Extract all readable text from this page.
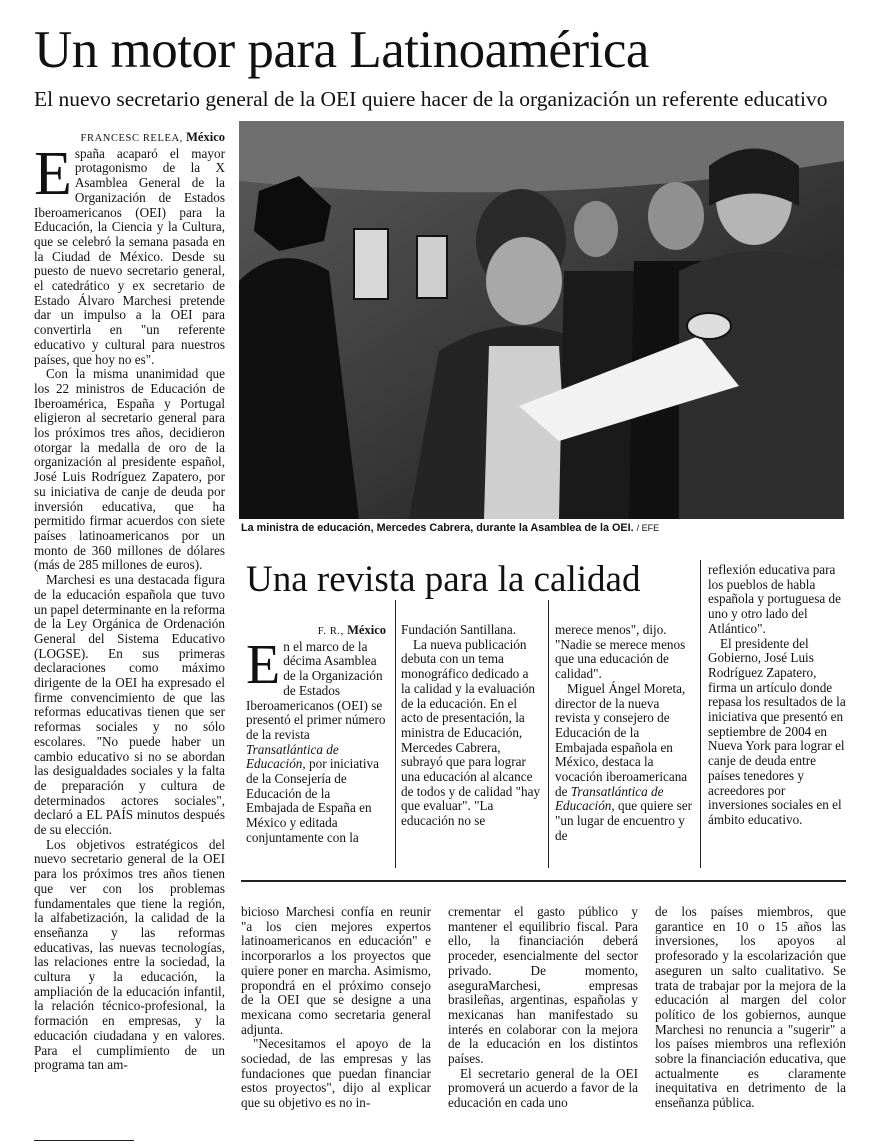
Un motor para Latinoamérica
El nuevo secretario general de la OEI quiere hacer de la organización un referente educativo
FRANCESC RELEA, México
E spaña acaparó el mayor protagonismo de la X Asamblea General de la Organización de Estados Iberoamericanos (OEI) para la Educación, la Ciencia y la Cultura, que se celebró la semana pasada en la Ciudad de México. Desde su puesto de nuevo secretario general, el catedrático y ex secretario de Estado Álvaro Marchesi pretende dar un impulso a la OEI para convertirla en "un referente educativo y cultural para nuestros países, que hoy no es".

Con la misma unanimidad que los 22 ministros de Educación de Iberoamérica, España y Portugal eligieron al secretario general para los próximos tres años, decidieron otorgar la medalla de oro de la organización al presidente español, José Luis Rodríguez Zapatero, por su iniciativa de canje de deuda por inversión educativa, que ha permitido firmar acuerdos con siete países latinoamericanos por un monto de 360 millones de dólares (más de 285 millones de euros).

Marchesi es una destacada figura de la educación española que tuvo un papel determinante en la reforma de la Ley Orgánica de Ordenación General del Sistema Educativo (LOGSE). En sus primeras declaraciones como máximo dirigente de la OEI ha expresado el firme convencimiento de que las reformas educativas tienen que ser reformas sociales y no sólo escolares. "No puede haber un cambio educativo si no se abordan las desigualdades sociales y la falta de preparación y cultura de determinados actores sociales", declaró a EL PAÍS minutos después de su elección.

Los objetivos estratégicos del nuevo secretario general de la OEI para los próximos tres años tienen que ver con los problemas fundamentales que tiene la región, la alfabetización, la calidad de la enseñanza y las reformas educativas, las nuevas tecnologías, las relaciones entre la sociedad, la cultura y la educación, la ampliación de la educación infantil, la relación técnico-profesional, la formación en empresas, y la educación ciudadana y en valores. Para el cumplimiento de un programa tan am-

La ministra de educación, Mercedes Cabrera, durante la Asamblea de la OEI. / EFE
Una revista para la calidad
F. R., México
E n el marco de la décima Asamblea de la Organización de Estados Iberoamericanos (OEI) se presentó el primer número de la revista Transatlántica de Educación, por iniciativa de la Consejería de Educación de la Embajada de España en México y editada conjuntamente con la

Fundación Santillana.

La nueva publicación debuta con un tema monográfico dedicado a la calidad y la evaluación de la educación. En el acto de presentación, la ministra de Educación, Mercedes Cabrera, subrayó que para lograr una educación al alcance de todos y de calidad "hay que evaluar". "La educación no se

merece menos", dijo. "Nadie se merece menos que una educación de calidad".

Miguel Ángel Moreta, director de la nueva revista y consejero de Educación de la Embajada española en México, destaca la vocación iberoamericana de Transatlántica de Educación, que quiere ser "un lugar de encuentro y de

reflexión educativa para los pueblos de habla española y portuguesa de uno y otro lado del Atlántico".

El presidente del Gobierno, José Luis Rodríguez Zapatero, firma un artículo donde repasa los resultados de la iniciativa que presentó en septiembre de 2004 en Nueva York para lograr el canje de deuda entre países tenedores y acreedores por inversiones sociales en el ámbito educativo.

bicioso Marchesi confía en reunir "a los cien mejores expertos latinoamericanos en educación" e incorporarlos a los proyectos que quiere poner en marcha. Asimismo, propondrá en el próximo consejo de la OEI que se designe a una mexicana como secretaria general adjunta.

"Necesitamos el apoyo de la sociedad, de las empresas y las fundaciones que puedan financiar estos proyectos", dijo al explicar que su objetivo es no in-

crementar el gasto público y mantener el equilibrio fiscal. Para ello, la financiación deberá proceder, esencialmente del sector privado. De momento, aseguraMarchesi, empresas brasileñas, argentinas, españolas y mexicanas han manifestado su interés en colaborar con la mejora de la educación en los distintos países.

El secretario general de la OEI promoverá un acuerdo a favor de la educación en cada uno

de los países miembros, que garantice en 10 o 15 años las inversiones, los apoyos al profesorado y la escolarización que aseguren un salto cualitativo. Se trata de trabajar por la mejora de la educación al margen del color político de los gobiernos, aunque Marchesi no renuncia a "sugerir" a los países miembros una reflexión sobre la financiación educativa, que actualmente es claramente inequitativa en detrimento de la enseñanza pública.
